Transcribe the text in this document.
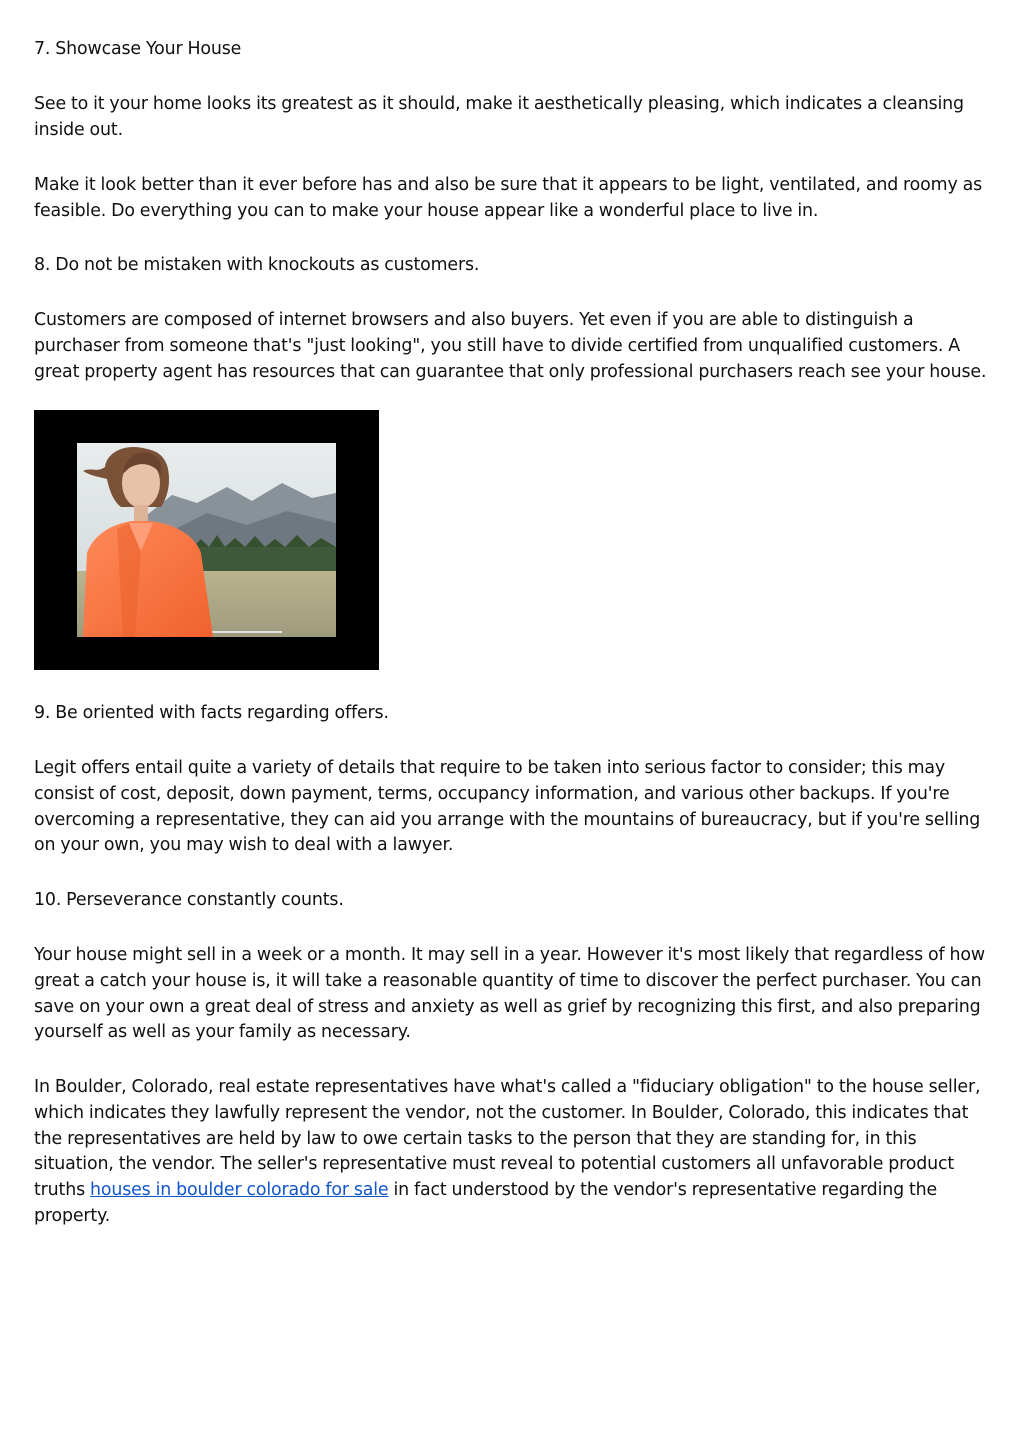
7. Showcase Your House

See to it your home looks its greatest as it should, make it aesthetically pleasing, which indicates a cleansing inside out.

Make it look better than it ever before has and also be sure that it appears to be light, ventilated, and roomy as feasible. Do everything you can to make your house appear like a wonderful place to live in.

8. Do not be mistaken with knockouts as customers.

Customers are composed of internet browsers and also buyers. Yet even if you are able to distinguish a purchaser from someone that's "just looking", you still have to divide certified from unqualified customers. A great property agent has resources that can guarantee that only professional purchasers reach see your house.

9. Be oriented with facts regarding offers.

Legit offers entail quite a variety of details that require to be taken into serious factor to consider; this may consist of cost, deposit, down payment, terms, occupancy information, and various other backups. If you're overcoming a representative, they can aid you arrange with the mountains of bureaucracy, but if you're selling on your own, you may wish to deal with a lawyer.

10. Perseverance constantly counts.

Your house might sell in a week or a month. It may sell in a year. However it's most likely that regardless of how great a catch your house is, it will take a reasonable quantity of time to discover the perfect purchaser. You can save on your own a great deal of stress and anxiety as well as grief by recognizing this first, and also preparing yourself as well as your family as necessary.

In Boulder, Colorado, real estate representatives have what's called a "fiduciary obligation" to the house seller, which indicates they lawfully represent the vendor, not the customer. In Boulder, Colorado, this indicates that the representatives are held by law to owe certain tasks to the person that they are standing for, in this situation, the vendor. The seller's representative must reveal to potential customers all unfavorable product truths houses in boulder colorado for sale in fact understood by the vendor's representative regarding the property.
